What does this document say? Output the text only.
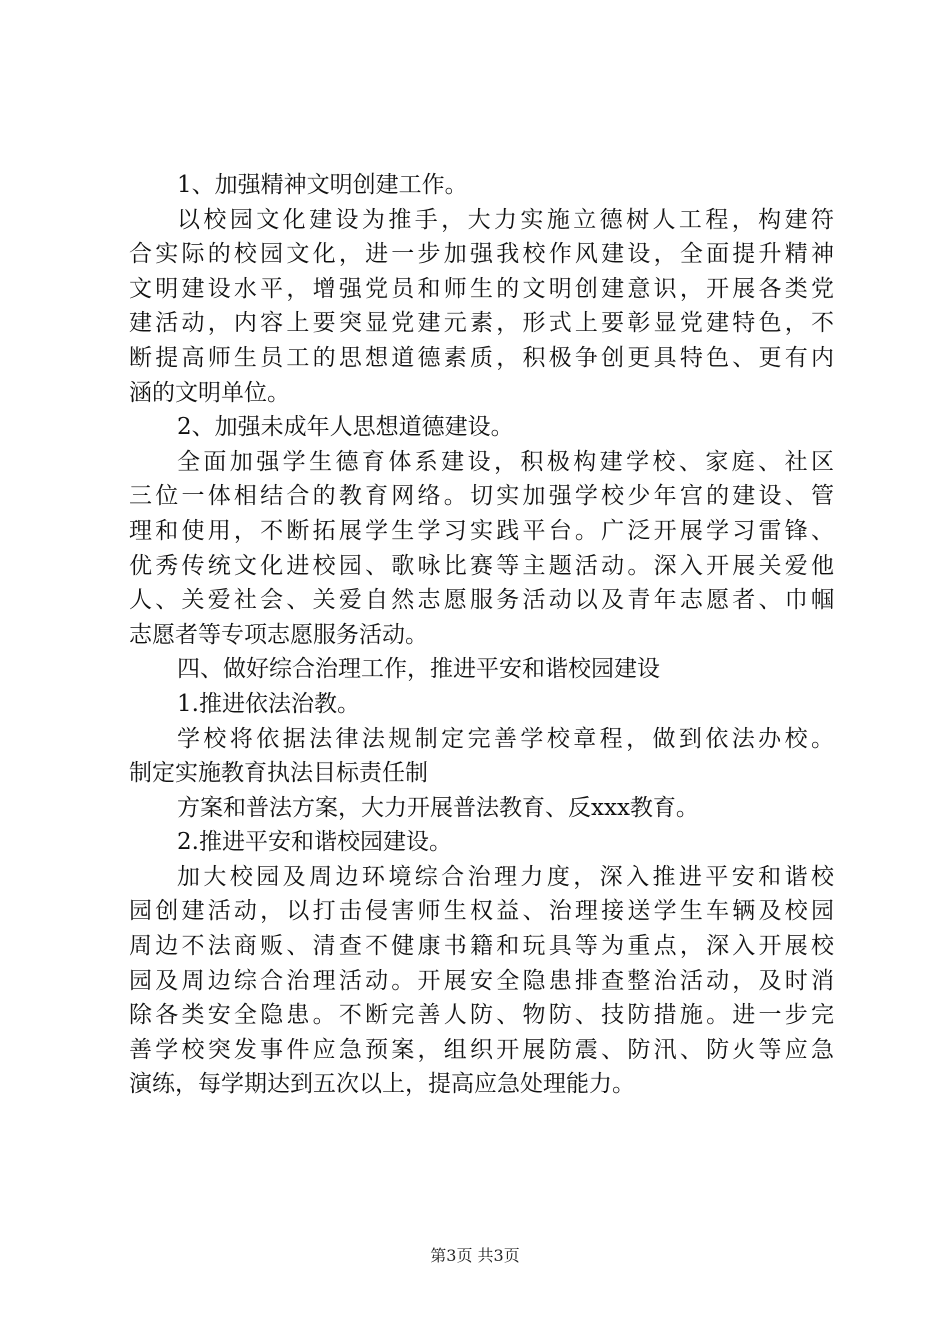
1、加强精神文明创建工作。
以校园文化建设为推手，大力实施立德树人工程，构建符
合实际的校园文化，进一步加强我校作风建设，全面提升精神
文明建设水平，增强党员和师生的文明创建意识，开展各类党
建活动，内容上要突显党建元素，形式上要彰显党建特色，不
断提高师生员工的思想道德素质，积极争创更具特色、更有内
涵的文明单位。
2、加强未成年人思想道德建设。
全面加强学生德育体系建设，积极构建学校、家庭、社区
三位一体相结合的教育网络。切实加强学校少年宫的建设、管
理和使用，不断拓展学生学习实践平台。广泛开展学习雷锋、
优秀传统文化进校园、歌咏比赛等主题活动。深入开展关爱他
人、关爱社会、关爱自然志愿服务活动以及青年志愿者、巾帼
志愿者等专项志愿服务活动。
四、做好综合治理工作，推进平安和谐校园建设
1.推进依法治教。
学校将依据法律法规制定完善学校章程，做到依法办校。
制定实施教育执法目标责任制
方案和普法方案，大力开展普法教育、反xxx教育。
2.推进平安和谐校园建设。
加大校园及周边环境综合治理力度，深入推进平安和谐校
园创建活动，以打击侵害师生权益、治理接送学生车辆及校园
周边不法商贩、清查不健康书籍和玩具等为重点，深入开展校
园及周边综合治理活动。开展安全隐患排查整治活动，及时消
除各类安全隐患。不断完善人防、物防、技防措施。进一步完
善学校突发事件应急预案，组织开展防震、防汛、防火等应急
演练，每学期达到五次以上，提高应急处理能力。
第3页 共3页
